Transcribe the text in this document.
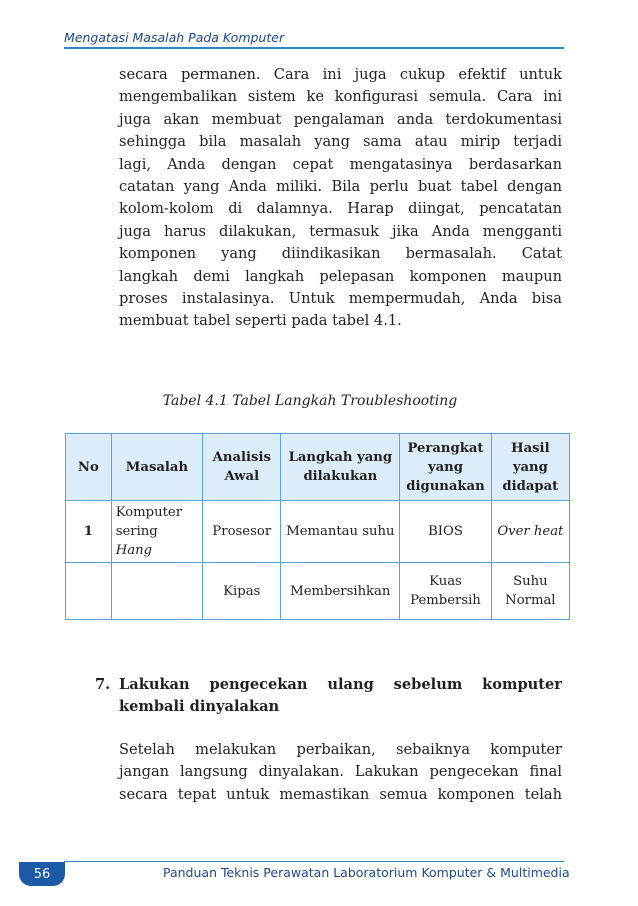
Mengatasi Masalah Pada Komputer
secara permanen. Cara ini juga cukup efektif untuk
mengembalikan sistem ke konfigurasi semula. Cara ini
juga akan membuat pengalaman anda terdokumentasi
sehingga bila masalah yang sama atau mirip terjadi
lagi, Anda dengan cepat mengatasinya berdasarkan
catatan yang Anda miliki. Bila perlu buat tabel dengan
kolom-kolom di dalamnya. Harap diingat, pencatatan
juga harus dilakukan, termasuk jika Anda mengganti
komponen yang diindikasikan bermasalah. Catat
langkah demi langkah pelepasan komponen maupun
proses instalasinya. Untuk mempermudah, Anda bisa
membuat tabel seperti pada tabel 4.1.
Tabel 4.1 Tabel Langkah Troubleshooting
No	Masalah	Analisis Awal	Langkah yang dilakukan	Perangkat yang digunakan	Hasil yang didapat
1	Komputer
sering
Hang	Prosesor	Memantau suhu	BIOS	Over heat
		Kipas	Membersihkan	Kuas Pembersih	Suhu Normal
7. Lakukan pengecekan ulang sebelum komputer
kembali dinyalakan
Setelah melakukan perbaikan, sebaiknya komputer
jangan langsung dinyalakan. Lakukan pengecekan final
secara tepat untuk memastikan semua komponen telah
56	Panduan Teknis Perawatan Laboratorium Komputer & Multimedia
